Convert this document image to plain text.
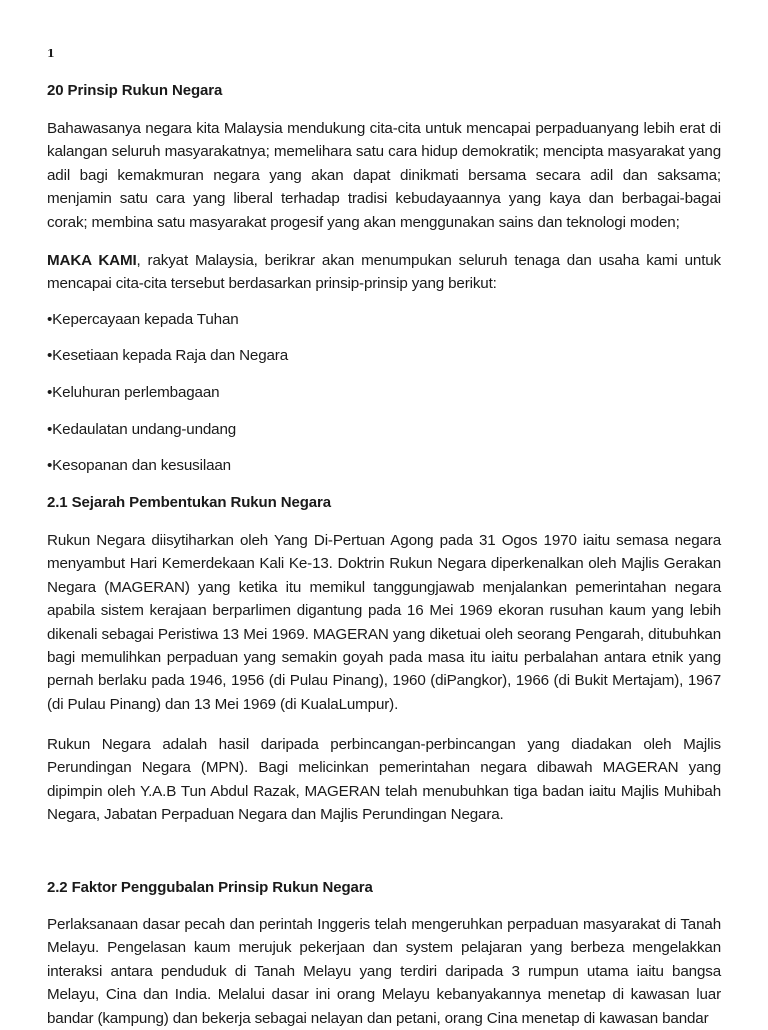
1
20 Prinsip Rukun Negara

Bahawasanya negara kita Malaysia mendukung cita-cita untuk mencapai perpaduanyang lebih erat di kalangan seluruh masyarakatnya; memelihara satu cara hidup demokratik; mencipta masyarakat yang adil bagi kemakmuran negara yang akan dapat dinikmati bersama secara adil dan saksama; menjamin satu cara yang liberal terhadap tradisi kebudayaannya yang kaya dan berbagai-bagai corak; membina satu masyarakat progesif yang akan menggunakan sains dan teknologi moden;

MAKA KAMI, rakyat Malaysia, berikrar akan menumpukan seluruh tenaga dan usaha kami untuk mencapai cita-cita tersebut berdasarkan prinsip-prinsip yang berikut:

•Kepercayaan kepada Tuhan
•Kesetiaan kepada Raja dan Negara
•Keluhuran perlembagaan
•Kedaulatan undang-undang
•Kesopanan dan kesusilaan
2.1 Sejarah Pembentukan Rukun Negara

Rukun Negara diisytiharkan oleh Yang Di-Pertuan Agong pada 31 Ogos 1970 iaitu semasa negara menyambut Hari Kemerdekaan Kali Ke-13. Doktrin Rukun Negara diperkenalkan oleh Majlis Gerakan Negara (MAGERAN) yang ketika itu memikul tanggungjawab menjalankan pemerintahan negara apabila sistem kerajaan berparlimen digantung pada 16 Mei 1969 ekoran rusuhan kaum yang lebih dikenali sebagai Peristiwa 13 Mei 1969. MAGERAN yang diketuai oleh seorang Pengarah, ditubuhkan bagi memulihkan perpaduan yang semakin goyah pada masa itu iaitu perbalahan antara etnik yang pernah berlaku pada 1946, 1956 (di Pulau Pinang), 1960 (diPangkor), 1966 (di Bukit Mertajam), 1967 (di Pulau Pinang) dan 13 Mei 1969 (di KualaLumpur).

Rukun Negara adalah hasil daripada perbincangan-perbincangan yang diadakan oleh Majlis Perundingan Negara (MPN). Bagi melicinkan pemerintahan negara dibawah MAGERAN yang dipimpin oleh Y.A.B Tun Abdul Razak, MAGERAN telah menubuhkan tiga badan iaitu Majlis Muhibah Negara, Jabatan Perpaduan Negara dan Majlis Perundingan Negara.

2.2 Faktor Penggubalan Prinsip Rukun Negara

Perlaksanaan dasar pecah dan perintah Inggeris telah mengeruhkan perpaduan masyarakat di Tanah Melayu. Pengelasan kaum merujuk pekerjaan dan system pelajaran yang berbeza mengelakkan interaksi antara penduduk di Tanah Melayu yang terdiri daripada 3 rumpun utama iaitu bangsa Melayu, Cina dan India. Melalui dasar ini orang Melayu kebanyakannya menetap di kawasan luar bandar (kampung) dan bekerja sebagai nelayan dan petani, orang Cina menetap di kawasan bandar
